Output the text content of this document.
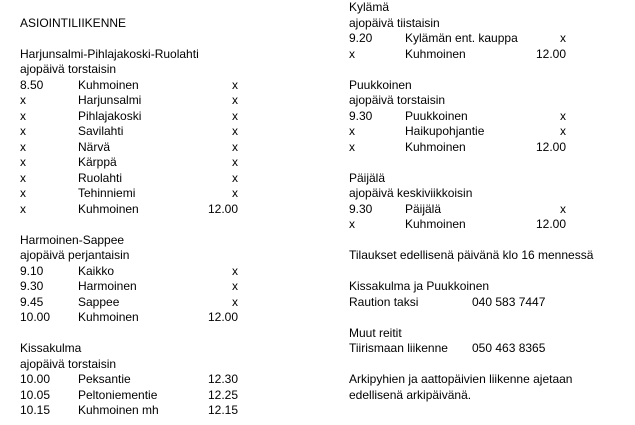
ASIOINTILIIKENNE
Harjunsalmi-Pihlajakoski-Ruolahti
ajopäivä torstaisin
8.50	Kuhmoinen	x
x	Harjunsalmi	x
x	Pihlajakoski	x
x	Savilahti	x
x	Närvä	x
x	Kärppä	x
x	Ruolahti	x
x	Tehinniemi	x
x	Kuhmoinen	12.00
Harmoinen-Sappee
ajopäivä perjantaisin
9.10	Kaikko	x
9.30	Harmoinen	x
9.45	Sappee	x
10.00 Kuhmoinen	12.00
Kissakulma
ajopäivä torstaisin
10.00 Peksantie	12.30
10.05 Peltoniementie	12.25
10.15 Kuhmoinen mh	12.15
Kylämä
ajopäivä tiistaisin
9.20	Kylämän ent. kauppa	x
x	Kuhmoinen	12.00
Puukkoinen
ajopäivä torstaisin
9.30	Puukkoinen	x
x	Haikupohjantie	x
x	Kuhmoinen	12.00
Päijälä
ajopäivä keskiviikkoisin
9.30	Päijälä	x
x	Kuhmoinen	12.00
Tilaukset edellisenä päivänä klo 16 mennessä
Kissakulma ja Puukkoinen
Raution taksi	040 583 7447
Muut reitit
Tiirismaan liikenne 050 463 8365
Arkipyhien ja aattopäivien liikenne ajetaan
edellisenä arkipäivänä.
